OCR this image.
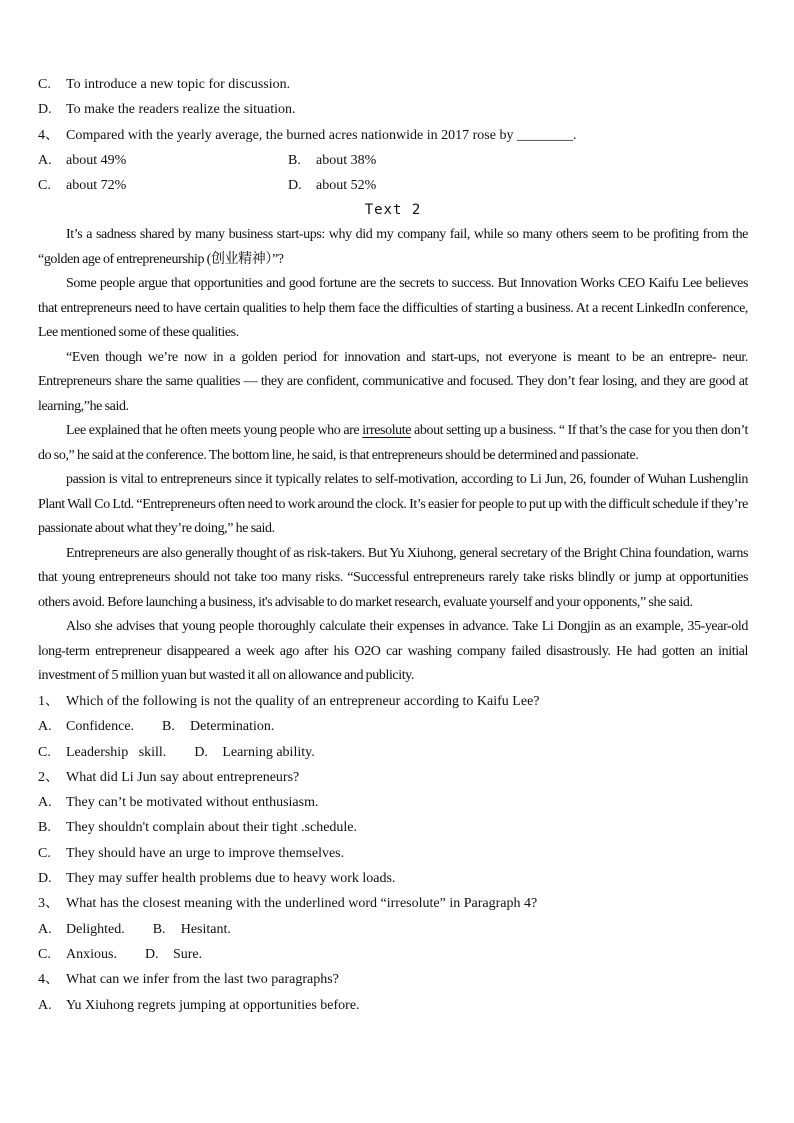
C. To introduce a new topic for discussion.
D. To make the readers realize the situation.
4、 Compared with the yearly average, the burned acres nationwide in 2017 rose by ________.
A. about 49%	B. about 38%
C. about 72%	D. about 52%
Text 2

It’s a sadness shared by many business start-ups: why did my company fail, while so many others seem to be profiting from the “golden age of entrepreneurship (创业精神）”?

Some people argue that opportunities and good fortune are the secrets to success. But Innovation Works CEO Kaifu Lee believes that entrepreneurs need to have certain qualities to help them face the difficulties of starting a business. At a recent LinkedIn conference, Lee mentioned some of these qualities.

“Even though we’re now in a golden period for innovation and start-ups, not everyone is meant to be an entrepre- neur. Entrepreneurs share the same qualities — they are confident, communicative and focused. They don’t fear losing, and they are good at learning,”he said.

Lee explained that he often meets young people who are irresolute about setting up a business. “ If that’s the case for you then don’t do so,” he said at the conference. The bottom line, he said, is that entrepreneurs should be determined and passionate.

passion is vital to entrepreneurs since it typically relates to self-motivation, according to Li Jun, 26, founder of Wuhan Lushenglin Plant Wall Co Ltd. “Entrepreneurs often need to work around the clock. It’s easier for people to put up with the difficult schedule if they’re passionate about what they’re doing,” he said.

Entrepreneurs are also generally thought of as risk-takers. But Yu Xiuhong, general secretary of the Bright China foundation, warns that young entrepreneurs should not take too many risks. “Successful entrepreneurs rarely take risks blindly or jump at opportunities others avoid. Before launching a business, it's advisable to do market research, evaluate yourself and your opponents,” she said.

Also she advises that young people thoroughly calculate their expenses in advance. Take Li Dongjin as an example, 35-year-old long-term entrepreneur disappeared a week ago after his O2O car washing company failed disastrously. He had gotten an initial investment of 5 million yuan but wasted it all on allowance and publicity.

1、 Which of the following is not the quality of an entrepreneur according to Kaifu Lee?
A. Confidence. B. Determination.
C. Leadership   skill. D. Learning ability.
2、 What did Li Jun say about entrepreneurs?
A. They can’t be motivated without enthusiasm.
B. They shouldn't complain about their tight .schedule.
C. They should have an urge to improve themselves.
D. They may suffer health problems due to heavy work loads.
3、 What has the closest meaning with the underlined word “irresolute” in Paragraph 4?
A. Delighted. B. Hesitant.
C. Anxious. D. Sure.
4、 What can we infer from the last two paragraphs?
A. Yu Xiuhong regrets jumping at opportunities before.
